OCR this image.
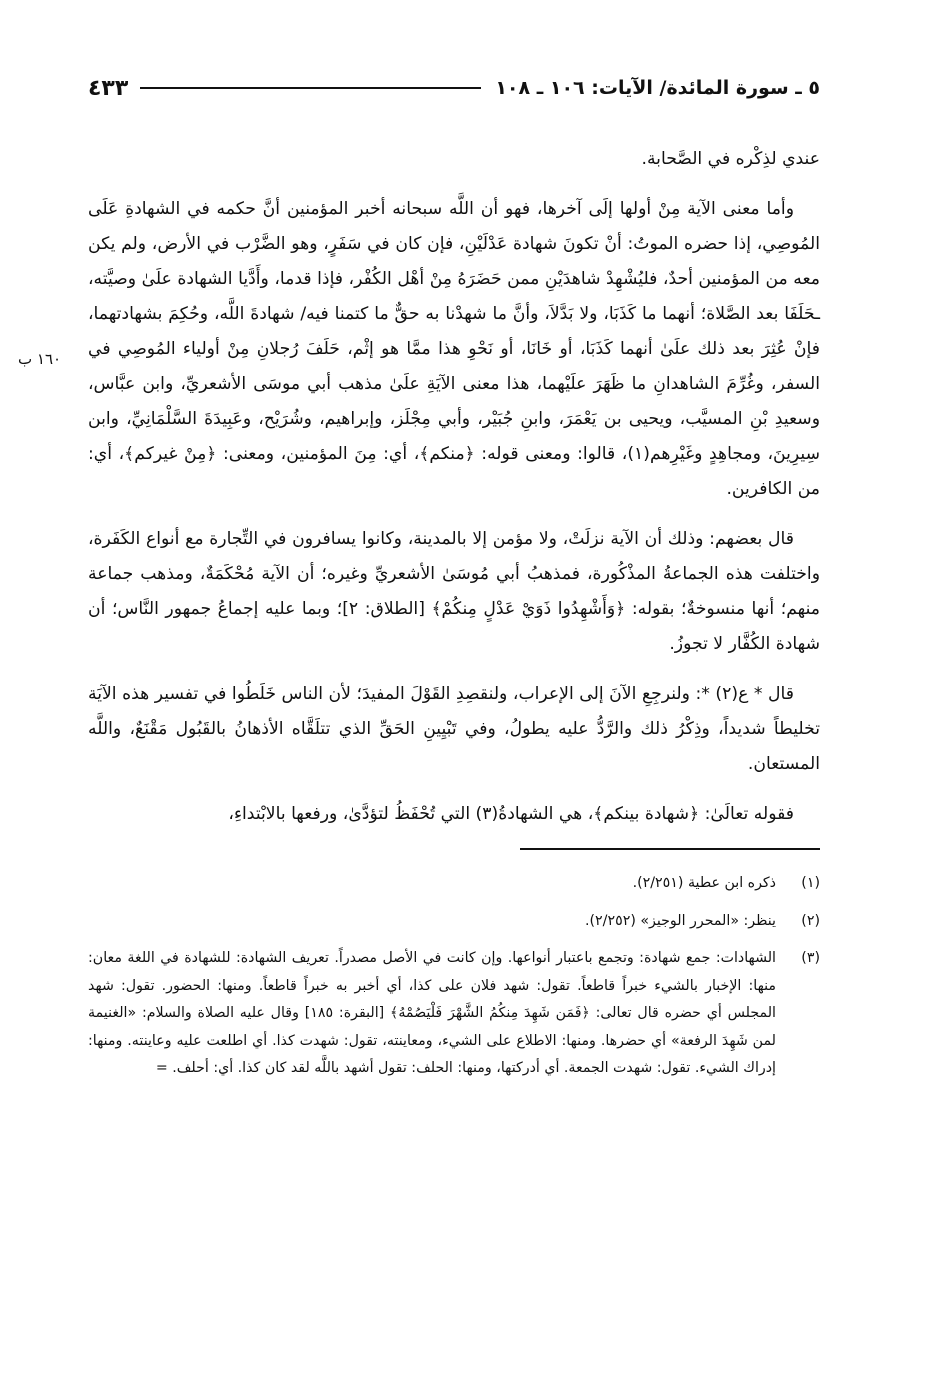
٥ ـ سورة المائدة/ الآيات: ١٠٦ ـ ١٠٨
٤٣٣
١٦٠ ب

عندي لذِكْره في الصَّحابة.

وأما معنى الآية مِنْ أولها إلَى آخرها، فهو أن اللَّه سبحانه أخبر المؤمنين أنَّ حكمه في الشهادةِ عَلَى المُوصِي، إذا حضره الموتُ: أنْ تكونَ شهادة عَدْلَيْنِ، فإن كان في سَفَرٍ، وهو الضَّرْب في الأرض، ولم يكن معه من المؤمنين أحدٌ، فليُشْهِدْ شاهدَيْنِ ممن حَضَرَهُ مِنْ أهْل الكُفْر، فإذا قدما، وأَدَّيا الشهادة علَىٰ وصيَّته، ـحَلَفَا بعد الصَّلاة؛ أنهما ما كَذَبَا، ولا بَدَّلاَ، وأنَّ ما شهدْنا به حقٌّ ما كتمنا فيه/ شهادةَ اللَّه، وحُكِمَ بشهادتهما، فإنْ عُثِرَ بعد ذلك علَىٰ أنهما كَذَبَا، أو خَانَا، أو نَحْوِ هذا ممَّا هو إثْم، حَلَفَ رُجلانِ مِنْ أولياء المُوصِي في السفر، وغُرِّمَ الشاهدانِ ما ظَهَرَ علَيْهما، هذا معنى الآيَةِ علَىٰ مذهب أبي موسَى الأشعريِّ، وابن عبَّاس، وسعيدِ بْنِ المسيَّب، ويحيى بن يَعْمَرَ، وابنِ جُبَيْر، وأبي مِجْلَز، وإبراهيم، وشُرَيْح، وعَبِيدَةَ السَّلْمَانِيِّ، وابن سِيرِينَ، ومجاهِدٍ وغَيْرِهم(١)، قالوا: ومعنى قوله: ﴿منكم﴾، أي: مِنَ المؤمنين، ومعنى: ﴿مِنْ غيركم﴾، أي: من الكافرين.

قال بعضهم: وذلك أن الآية نزلَتْ، ولا مؤمن إلا بالمدينة، وكانوا يسافرون في التِّجارة مع أنواع الكَفَرة، واختلفت هذه الجماعةُ المذْكُورة، فمذهبُ أبي مُوسَىٰ الأشعريِّ وغيره؛ أن الآية مُحْكَمَةٌ، ومذهب جماعة منهم؛ أنها منسوخةٌ؛ بقوله: ﴿وَأَشْهِدُوا ذَوَيْ عَدْلٍ مِنكُمْ﴾ [الطلاق: ٢]؛ وبما عليه إجماعُ جمهور النَّاس؛ أن شهادة الكُفَّار لا تجوزُ.

قال * ع(٢) *: ولنرجِعِ الآنَ إلى الإعراب، ولنقصِدِ القَوْلَ المفيدَ؛ لأن الناس خَلَطُوا في تفسير هذه الآيَة تخليطاً شديداً، وذِكْرُ ذلك والرَّدُّ عليه يطولُ، وفي تَبْيِينِ الحَقِّ الذي تتلَقَّاه الأذهانُ بالقَبُول مَقْنَعٌ، واللَّه المستعان.

فقوله تعالَىٰ: ﴿شهادة بينكم﴾، هي الشهادةُ(٣) التي تُحْفَظُ لتؤدَّىٰ، ورفعها بالابْتداءِ،

(١)
ذكره ابن عطية (٢/٢٥١).
(٢)
ينظر: «المحرر الوجيز» (٢/٢٥٢).
(٣)
الشهادات: جمع شهادة: وتجمع باعتبار أنواعها. وإن كانت في الأصل مصدراً. تعريف الشهادة: للشهادة في اللغة معان: منها: الإخبار بالشيء خبراً قاطعاً. تقول: شهد فلان على كذا، أي أخبر به خبراً قاطعاً. ومنها: الحضور. تقول: شهد المجلس أي حضره قال تعالى: ﴿فَمَن شَهِدَ مِنكُمُ الشَّهْرَ فَلْيَصُمْهُ﴾ [البقرة: ١٨٥] وقال عليه الصلاة والسلام: «الغنيمة لمن شَهِدَ الرفعة» أي حضرها. ومنها: الاطلاع على الشيء، ومعاينته، تقول: شهدت كذا. أي اطلعت عليه وعاينته. ومنها: إدراك الشيء. تقول: شهدت الجمعة. أي أدركتها، ومنها: الحلف: تقول أشهد باللَّه لقد كان كذا. أي: أحلف. =
